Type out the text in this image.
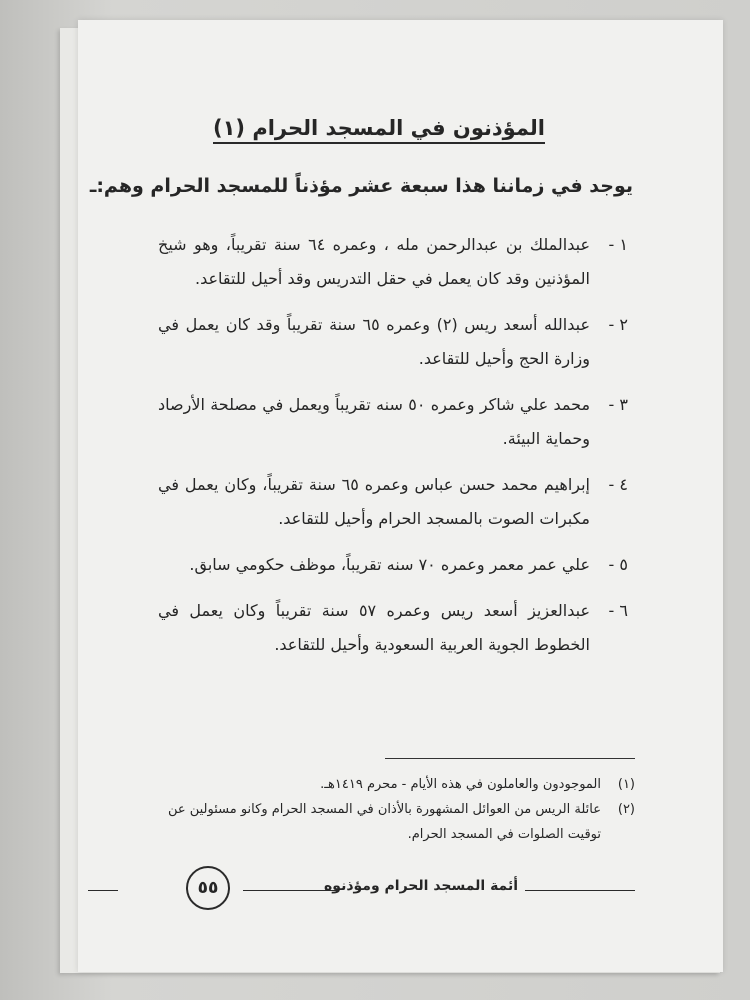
المؤذنون في المسجد الحرام (١)
يوجد في زماننا هذا سبعة عشر مؤذناً للمسجد الحرام وهم:ـ
١ -
عبدالملك بن عبدالرحمن مله ، وعمره ٦٤ سنة تقريباً، وهو شيخ المؤذنين وقد كان يعمل في حقل التدريس وقد أحيل للتقاعد.
٢ -
عبدالله أسعد ريس (٢) وعمره ٦٥ سنة تقريباً وقد كان يعمل في وزارة الحج وأحيل للتقاعد.
٣ -
محمد علي شاكر وعمره ٥٠ سنه تقريباً ويعمل في مصلحة الأرصاد وحماية البيئة.
٤ -
إبراهيم محمد حسن عباس وعمره ٦٥ سنة تقريباً، وكان يعمل في مكبرات الصوت بالمسجد الحرام وأحيل للتقاعد.
٥ -
علي عمر معمر وعمره ٧٠ سنه تقريباً، موظف حكومي سابق.
٦ -
عبدالعزيز أسعد ريس وعمره ٥٧ سنة تقريباً وكان يعمل في الخطوط الجوية العربية السعودية وأحيل للتقاعد.
(١)
الموجودون والعاملون في هذه الأيام - محرم ١٤١٩هـ.
(٢)
عائلة الريس من العوائل المشهورة بالأذان في المسجد الحرام وكانو مسئولين عن توقيت الصلوات في المسجد الحرام.
أئمة المسجد الحرام ومؤذنوه
٥٥
